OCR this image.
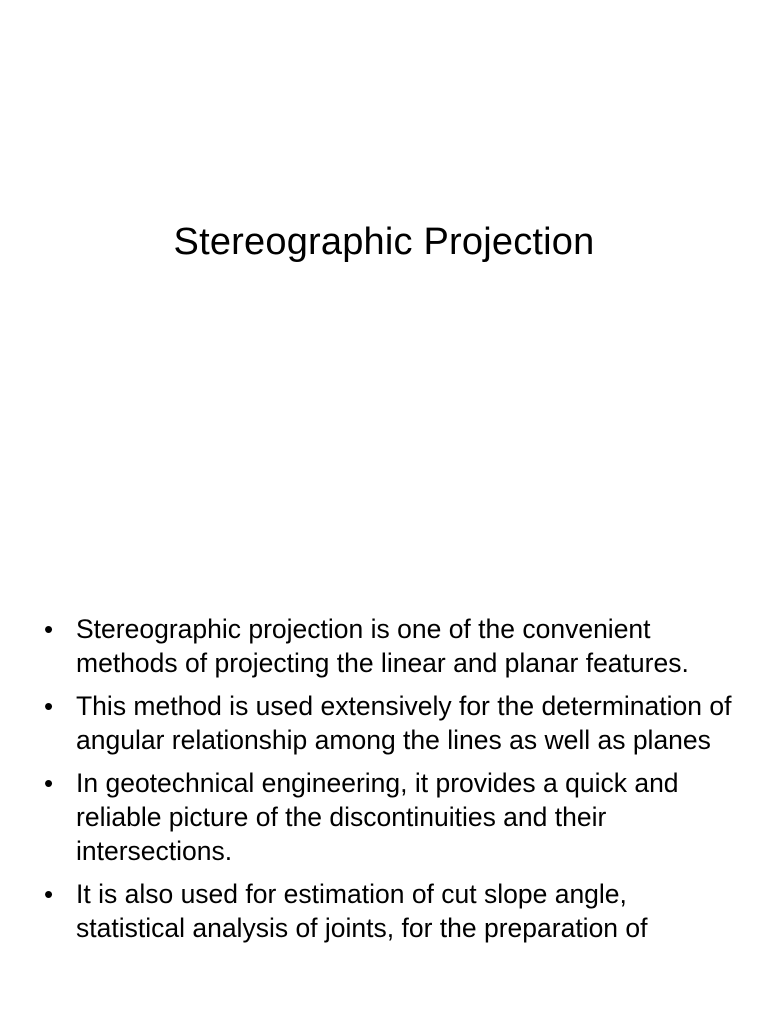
Stereographic Projection
• Stereographic projection is one of the convenient methods of projecting the linear and planar features.
• This method is used extensively for the determination of angular relationship among the lines as well as planes
• In geotechnical engineering, it provides a quick and reliable picture of the discontinuities and their intersections.
• It is also used for estimation of cut slope angle, statistical analysis of joints, for the preparation of
